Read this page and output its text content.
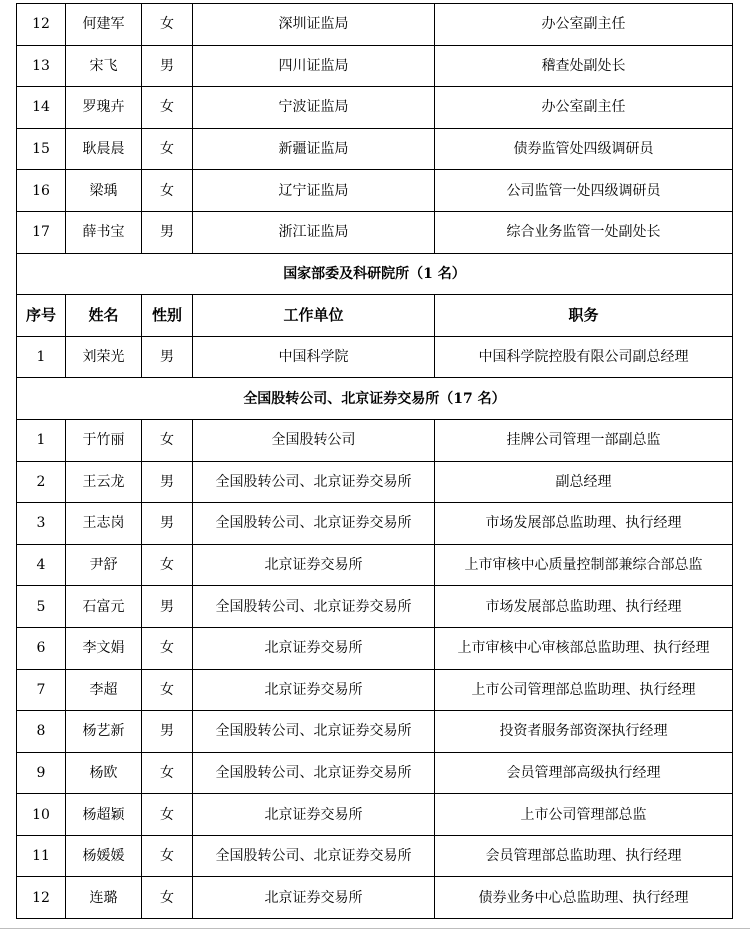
12	何建军	女	深圳证监局	办公室副主任
13	宋飞	男	四川证监局	稽查处副处长
14	罗瑰卉	女	宁波证监局	办公室副主任
15	耿晨晨	女	新疆证监局	债券监管处四级调研员
16	梁瑀	女	辽宁证监局	公司监管一处四级调研员
17	薛书宝	男	浙江证监局	综合业务监管一处副处长
国家部委及科研院所（1 名）				
序号	姓名	性别	工作单位	职务
1	刘荣光	男	中国科学院	中国科学院控股有限公司副总经理
全国股转公司、北京证券交易所（17 名）				
1	于竹丽	女	全国股转公司	挂牌公司管理一部副总监
2	王云龙	男	全国股转公司、北京证券交易所	副总经理
3	王志岗	男	全国股转公司、北京证券交易所	市场发展部总监助理、执行经理
4	尹舒	女	北京证券交易所	上市审核中心质量控制部兼综合部总监
5	石富元	男	全国股转公司、北京证券交易所	市场发展部总监助理、执行经理
6	李文娟	女	北京证券交易所	上市审核中心审核部总监助理、执行经理
7	李超	女	北京证券交易所	上市公司管理部总监助理、执行经理
8	杨艺新	男	全国股转公司、北京证券交易所	投资者服务部资深执行经理
9	杨欧	女	全国股转公司、北京证券交易所	会员管理部高级执行经理
10	杨超颖	女	北京证券交易所	上市公司管理部总监
11	杨媛媛	女	全国股转公司、北京证券交易所	会员管理部总监助理、执行经理
12	连璐	女	北京证券交易所	债券业务中心总监助理、执行经理
